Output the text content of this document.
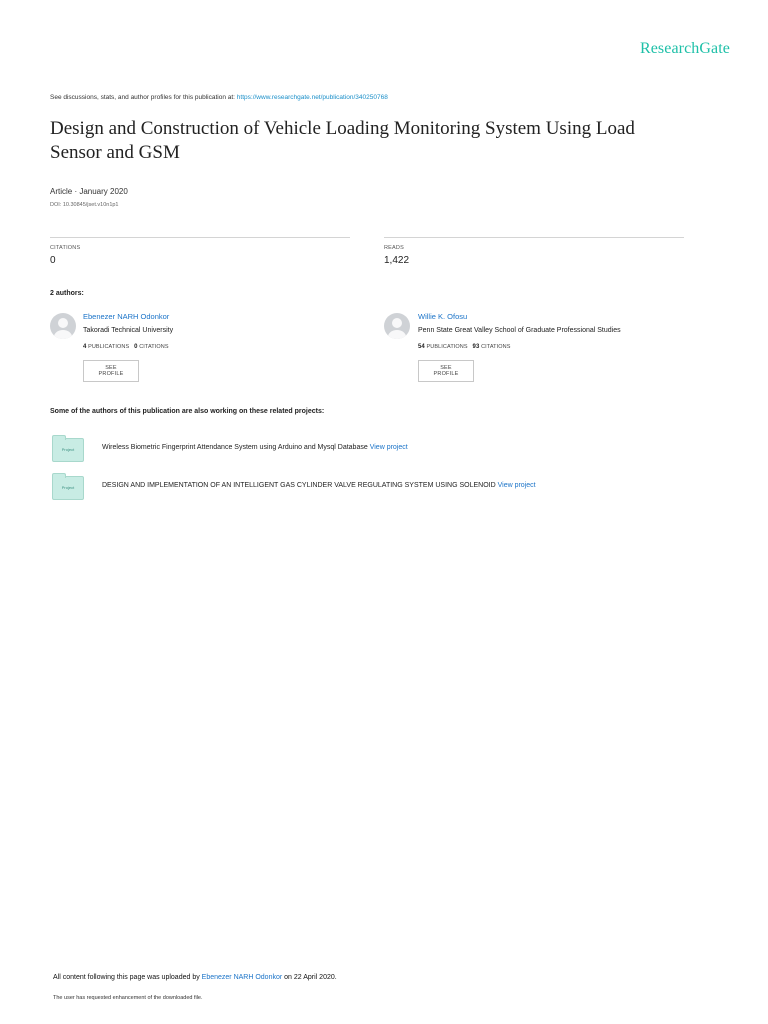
ResearchGate
See discussions, stats, and author profiles for this publication at: https://www.researchgate.net/publication/340250768
Design and Construction of Vehicle Loading Monitoring System Using Load
Sensor and GSM
Article · January 2020
DOI: 10.30845/jset.v10n1p1
CITATIONS
0
READS
1,422
2 authors:
Ebenezer NARH Odonkor
Takoradi Technical University
4 PUBLICATIONS 0 CITATIONS
SEE PROFILE
Willie K. Ofosu
Penn State Great Valley School of Graduate Professional Studies
54 PUBLICATIONS 93 CITATIONS
SEE PROFILE
Some of the authors of this publication are also working on these related projects:
Project	Wireless Biometric Fingerprint Attendance System using Arduino and Mysql Database View project
Project	DESIGN AND IMPLEMENTATION OF AN INTELLIGENT GAS CYLINDER VALVE REGULATING SYSTEM USING SOLENOID View project
All content following this page was uploaded by Ebenezer NARH Odonkor on 22 April 2020.
The user has requested enhancement of the downloaded file.
